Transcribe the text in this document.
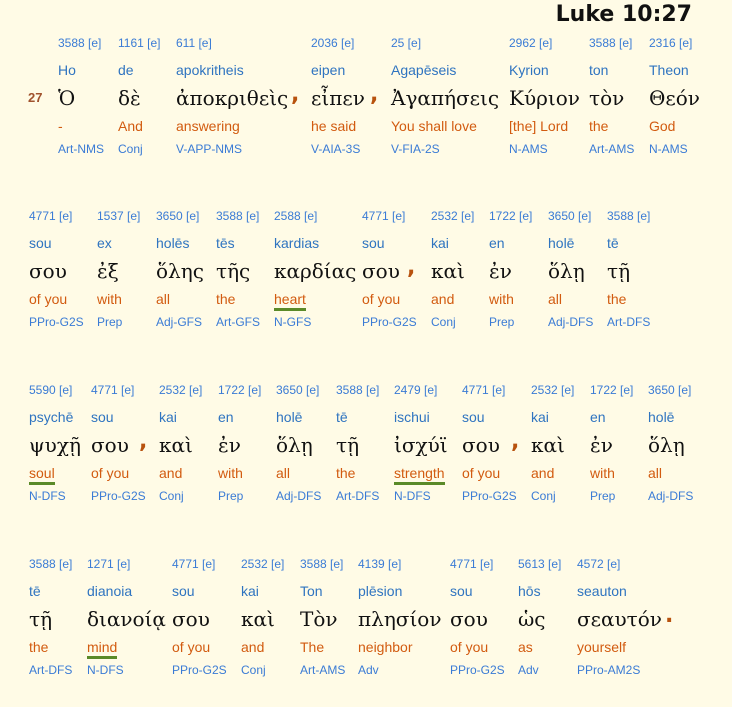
Luke 10:27
27
3588 [e]
Ho
Ὁ
-
Art-NMS
1161 [e]
de
δὲ
And
Conj
611 [e]
apokritheis
ἀποκριθεὶς
answering
V-APP-NMS
2036 [e]
eipen
εἶπεν
he said
V-AIA-3S
25 [e]
Agapēseis
Ἀγαπήσεις
You shall love
V-FIA-2S
2962 [e]
Kyrion
Κύριον
[the] Lord
N-AMS
3588 [e]
ton
τὸν
the
Art-AMS
2316 [e]
Theon
Θεόν
God
N-AMS
,	,
4771 [e]
sou
σου
of you
PPro-G2S
1537 [e]
ex
ἐξ
with
Prep
3650 [e]
holēs
ὅλης
all
Adj-GFS
3588 [e]
tēs
τῆς
the
Art-GFS
2588 [e]
kardias
καρδίας
heart
N-GFS
4771 [e]
sou
σου
of you
PPro-G2S
2532 [e]
kai
καὶ
and
Conj
1722 [e]
en
ἐν
with
Prep
3650 [e]
holē
ὅλῃ
all
Adj-DFS
3588 [e]
tē
τῇ
the
Art-DFS
,
5590 [e]
psychē
ψυχῇ
soul
N-DFS
4771 [e]
sou
σου
of you
PPro-G2S
2532 [e]
kai
καὶ
and
Conj
1722 [e]
en
ἐν
with
Prep
3650 [e]
holē
ὅλῃ
all
Adj-DFS
3588 [e]
tē
τῇ
the
Art-DFS
2479 [e]
ischui
ἰσχύϊ
strength
N-DFS
4771 [e]
sou
σου
of you
PPro-G2S
2532 [e]
kai
καὶ
and
Conj
1722 [e]
en
ἐν
with
Prep
3650 [e]
holē
ὅλῃ
all
Adj-DFS
,	,
3588 [e]
tē
τῇ
the
Art-DFS
1271 [e]
dianoia
διανοίᾳ
mind
N-DFS
4771 [e]
sou
σου
of you
PPro-G2S
2532 [e]
kai
καὶ
and
Conj
3588 [e]
Ton
Τὸν
The
Art-AMS
4139 [e]
plēsion
πλησίον
neighbor
Adv
4771 [e]
sou
σου
of you
PPro-G2S
5613 [e]
hōs
ὡς
as
Adv
4572 [e]
seauton
σεαυτόν
yourself
PPro-AM2S
.
